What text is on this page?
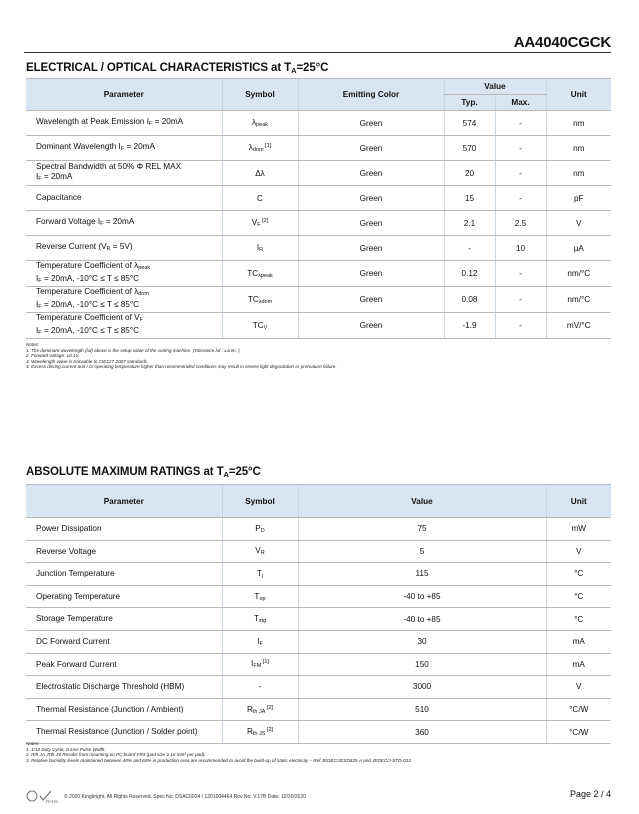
AA4040CGCK
ELECTRICAL / OPTICAL CHARACTERISTICS at $T_A=25^\circ C$
Parameter	Symbol	Emitting Color	Value		Unit
			Typ.	Max.	

Wavelength at Peak Emission $I_F = 20mA$	$\lambda_{peak}$	Green	574	-	nm

Dominant Wavelength $I_F = 20mA$	$\lambda_{dom}$ [1]	Green	570	-	nm

Spectral Bandwidth at 50% Φ REL MAX
$I_F = 20mA$	Δλ	Green	20	-	nm

Capacitance	C	Green	15	-	pF

Forward Voltage $I_F = 20mA$	$V_F$ [2]	Green	2.1	2.5	V

Reverse Current $(V_R = 5V)$	$I_R$	Green	-	10	µA

Temperature Coefficient of $\lambda_{peak}$
$I_F = 20mA$, -10°C ≤ T ≤ 85°C	$TC_{\lambda peak}$	Green	0.12	-	nm/°C

Temperature Coefficient of $\lambda_{dom}$
$I_F = 20mA$, -10°C ≤ T ≤ 85°C	$TC_{\lambda dom}$	Green	0.08	-	nm/°C

Temperature Coefficient of $V_F$
$I_F = 20mA$, -10°C ≤ T ≤ 85°C	$TC_V$	Green	-1.9	-	mV/°C
Notes:
1. The dominant wavelength (λd) above is the setup value of the sorting machine. (Tolerance λd : ±1nm. )
2. Forward voltage: ±0.1V.
3. Wavelength value is traceable to CIE127-2007 standards.
4. Excess driving current and / or operating temperature higher than recommended conditions may result in severe light degradation or premature failure.
ABSOLUTE MAXIMUM RATINGS at $T_A=25^\circ C$
Parameter	Symbol	Value	Unit
Power Dissipation	$P_D$	75	mW
Reverse Voltage	$V_R$	5	V
Junction Temperature	$T_j$	115	°C
Operating Temperature	$T_{op}$	-40 to +85	°C
Storage Temperature	$T_{stg}$	-40 to +85	°C
DC Forward Current	$I_F$	30	mA
Peak Forward Current	$I_{FM}$ [1]	150	mA
Electrostatic Discharge Threshold (HBM)	-	3000	V
Thermal Resistance (Junction / Ambient)	$R_{th JA}$ [2]	510	°C/W
Thermal Resistance (Junction / Solder point)	$R_{th JS}$ [2]	360	°C/W
Notes:
1. 1/10 Duty Cycle, 0.1ms Pulse Width.
2. Rth JA ,Rth JS Results from mounting on PC board FR4 (pad size ≥ 16 mm² per pad).
3. Relative humidity levels maintained between 40% and 60% in production area are recommended to avoid the build-up of static electricity – Ref JEDEC/JESD625-A and JEDEC/J-STD-033.
RoHS
© 2020 Kingbright. All Rights Reserved. Spec No: DSAC6024 / 1201004464 Rev No: V.17B Date: 12/30/2020	Page 2 / 4
